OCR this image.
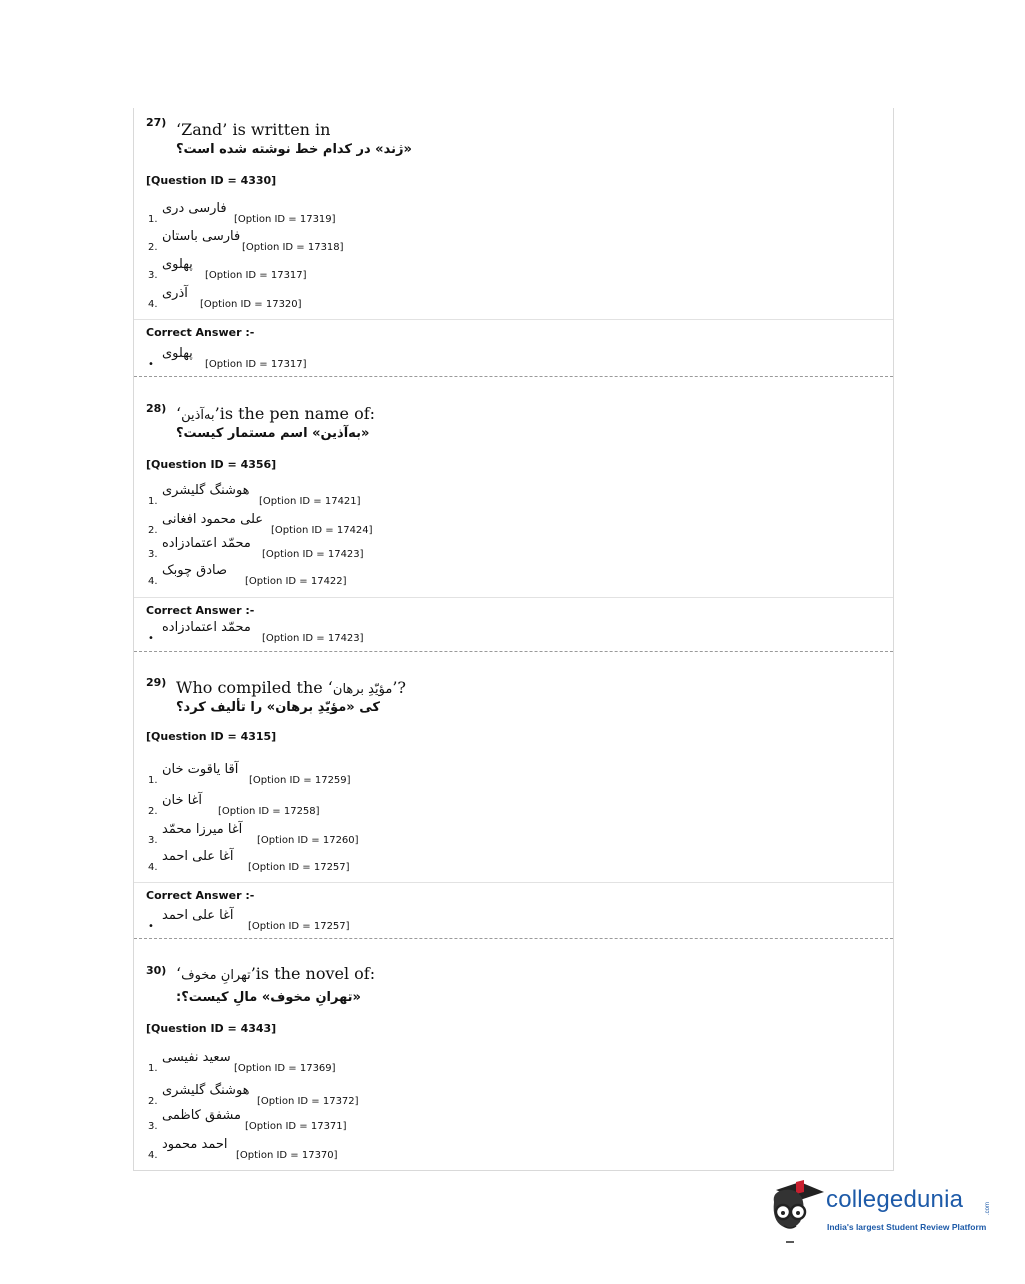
27) ‘Zand’ is written in
«ژند» در کدام خط نوشته شده است؟
[Question ID = 4330]
1.
فارسی دری
[Option ID = 17319]
2.
فارسی باستان
[Option ID = 17318]
3.
پهلوی
[Option ID = 17317]
4.
آذری
[Option ID = 17320]
Correct Answer :-
•
پهلوی
[Option ID = 17317]
28) ‘به‌آذین’is the pen name of:
«به‌آذین» اسم مستمار کیست؟
[Question ID = 4356]
1.
هوشنگ گلیشری
[Option ID = 17421]
2.
علی محمود افغانی
[Option ID = 17424]
3.
محمّد اعتمادزاده
[Option ID = 17423]
4.
صادق چوبک
[Option ID = 17422]
Correct Answer :-
•
محمّد اعتمادزاده
[Option ID = 17423]
29) Who compiled the ‘مؤیّدِ برهان’?
کی «مؤیّدِ برهان» را تألیف کرد؟
[Question ID = 4315]
1.
آقا یاقوت خان
[Option ID = 17259]
2.
آغا خان
[Option ID = 17258]
3.
آغا میرزا محمّد
[Option ID = 17260]
4.
آغا علی احمد
[Option ID = 17257]
Correct Answer :-
•
آغا علی احمد
[Option ID = 17257]
30) ‘تهرانِ مخوف’is the novel of:
«تهرانِ مخوف» مالِ کیست؟:
[Question ID = 4343]
1.
سعید نفیسی
[Option ID = 17369]
2.
هوشنگ گلیشری
[Option ID = 17372]
3.
مشفق کاظمی
[Option ID = 17371]
4.
احمد محمود
[Option ID = 17370]
collegedunia	.com
India's largest Student Review Platform
